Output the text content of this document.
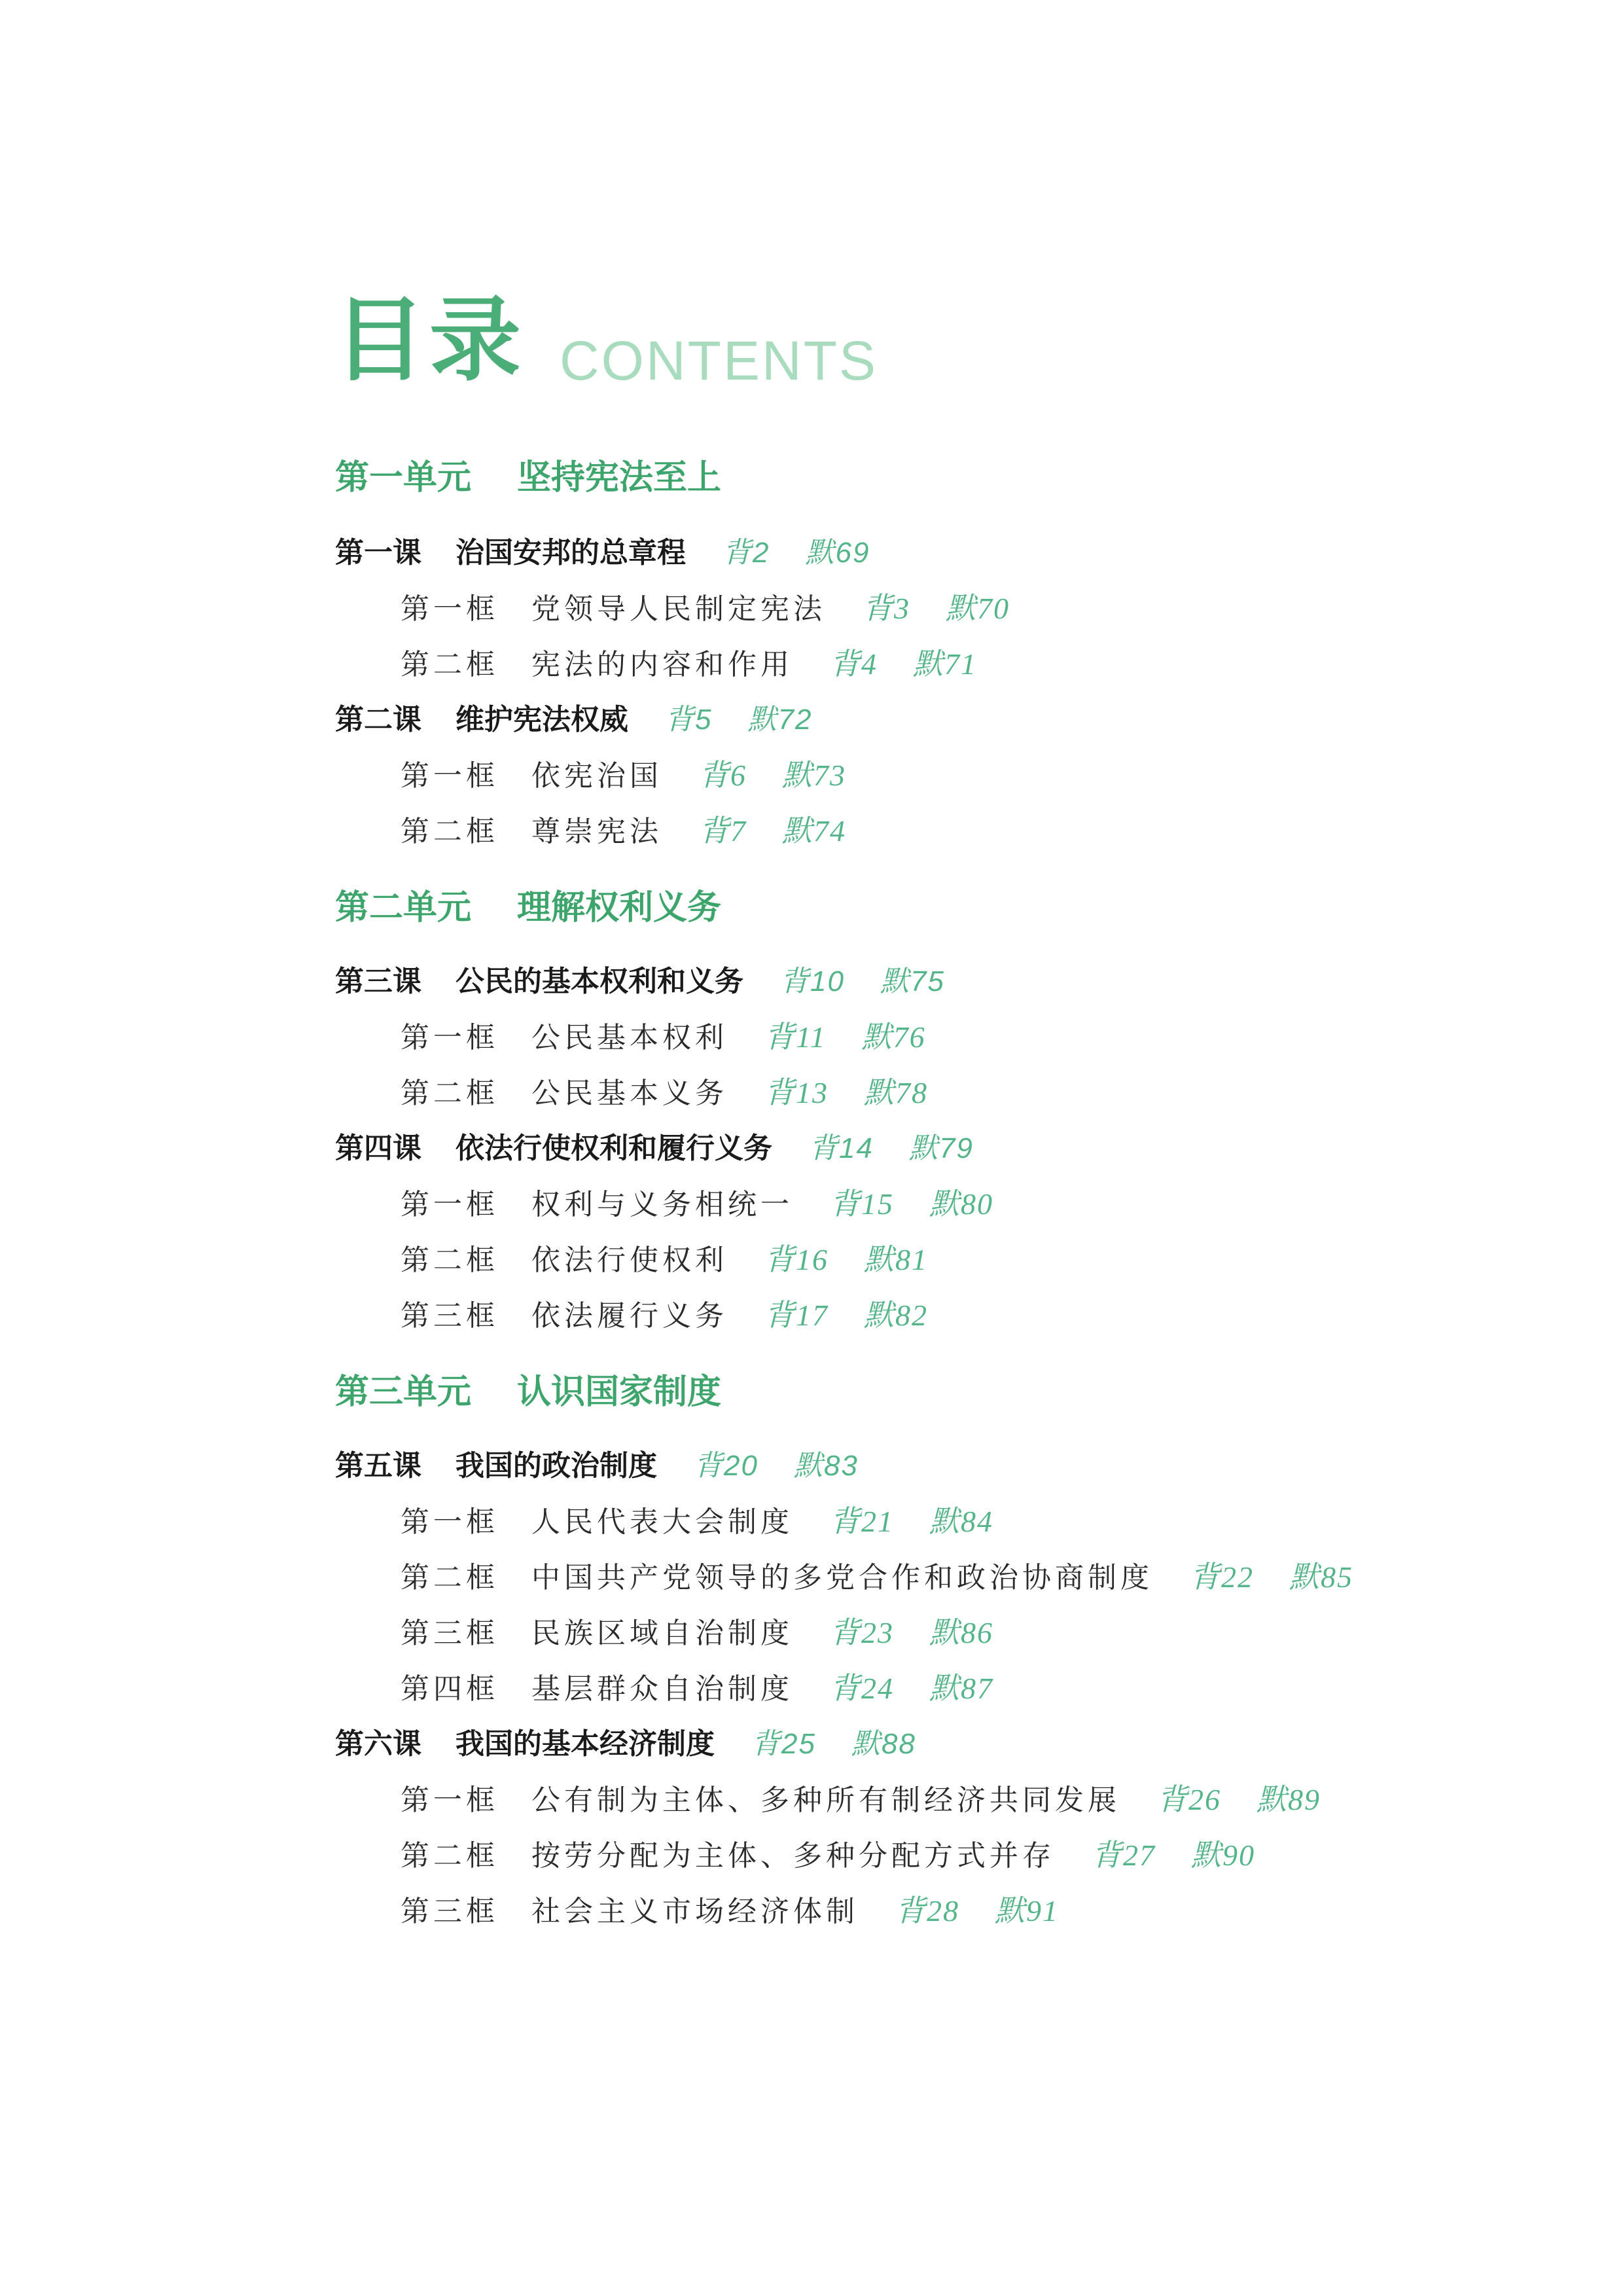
目录 CONTENTS
第一单元 坚持宪法至上
第一课 治国安邦的总章程 背2 默69
第一框 党领导人民制定宪法 背3 默70
第二框 宪法的内容和作用 背4 默71
第二课 维护宪法权威 背5 默72
第一框 依宪治国 背6 默73
第二框 尊崇宪法 背7 默74
第二单元 理解权利义务
第三课 公民的基本权利和义务 背10 默75
第一框 公民基本权利 背11 默76
第二框 公民基本义务 背13 默78
第四课 依法行使权利和履行义务 背14 默79
第一框 权利与义务相统一 背15 默80
第二框 依法行使权利 背16 默81
第三框 依法履行义务 背17 默82
第三单元 认识国家制度
第五课 我国的政治制度 背20 默83
第一框 人民代表大会制度 背21 默84
第二框 中国共产党领导的多党合作和政治协商制度 背22 默85
第三框 民族区域自治制度 背23 默86
第四框 基层群众自治制度 背24 默87
第六课 我国的基本经济制度 背25 默88
第一框 公有制为主体、多种所有制经济共同发展 背26 默89
第二框 按劳分配为主体、多种分配方式并存 背27 默90
第三框 社会主义市场经济体制 背28 默91
